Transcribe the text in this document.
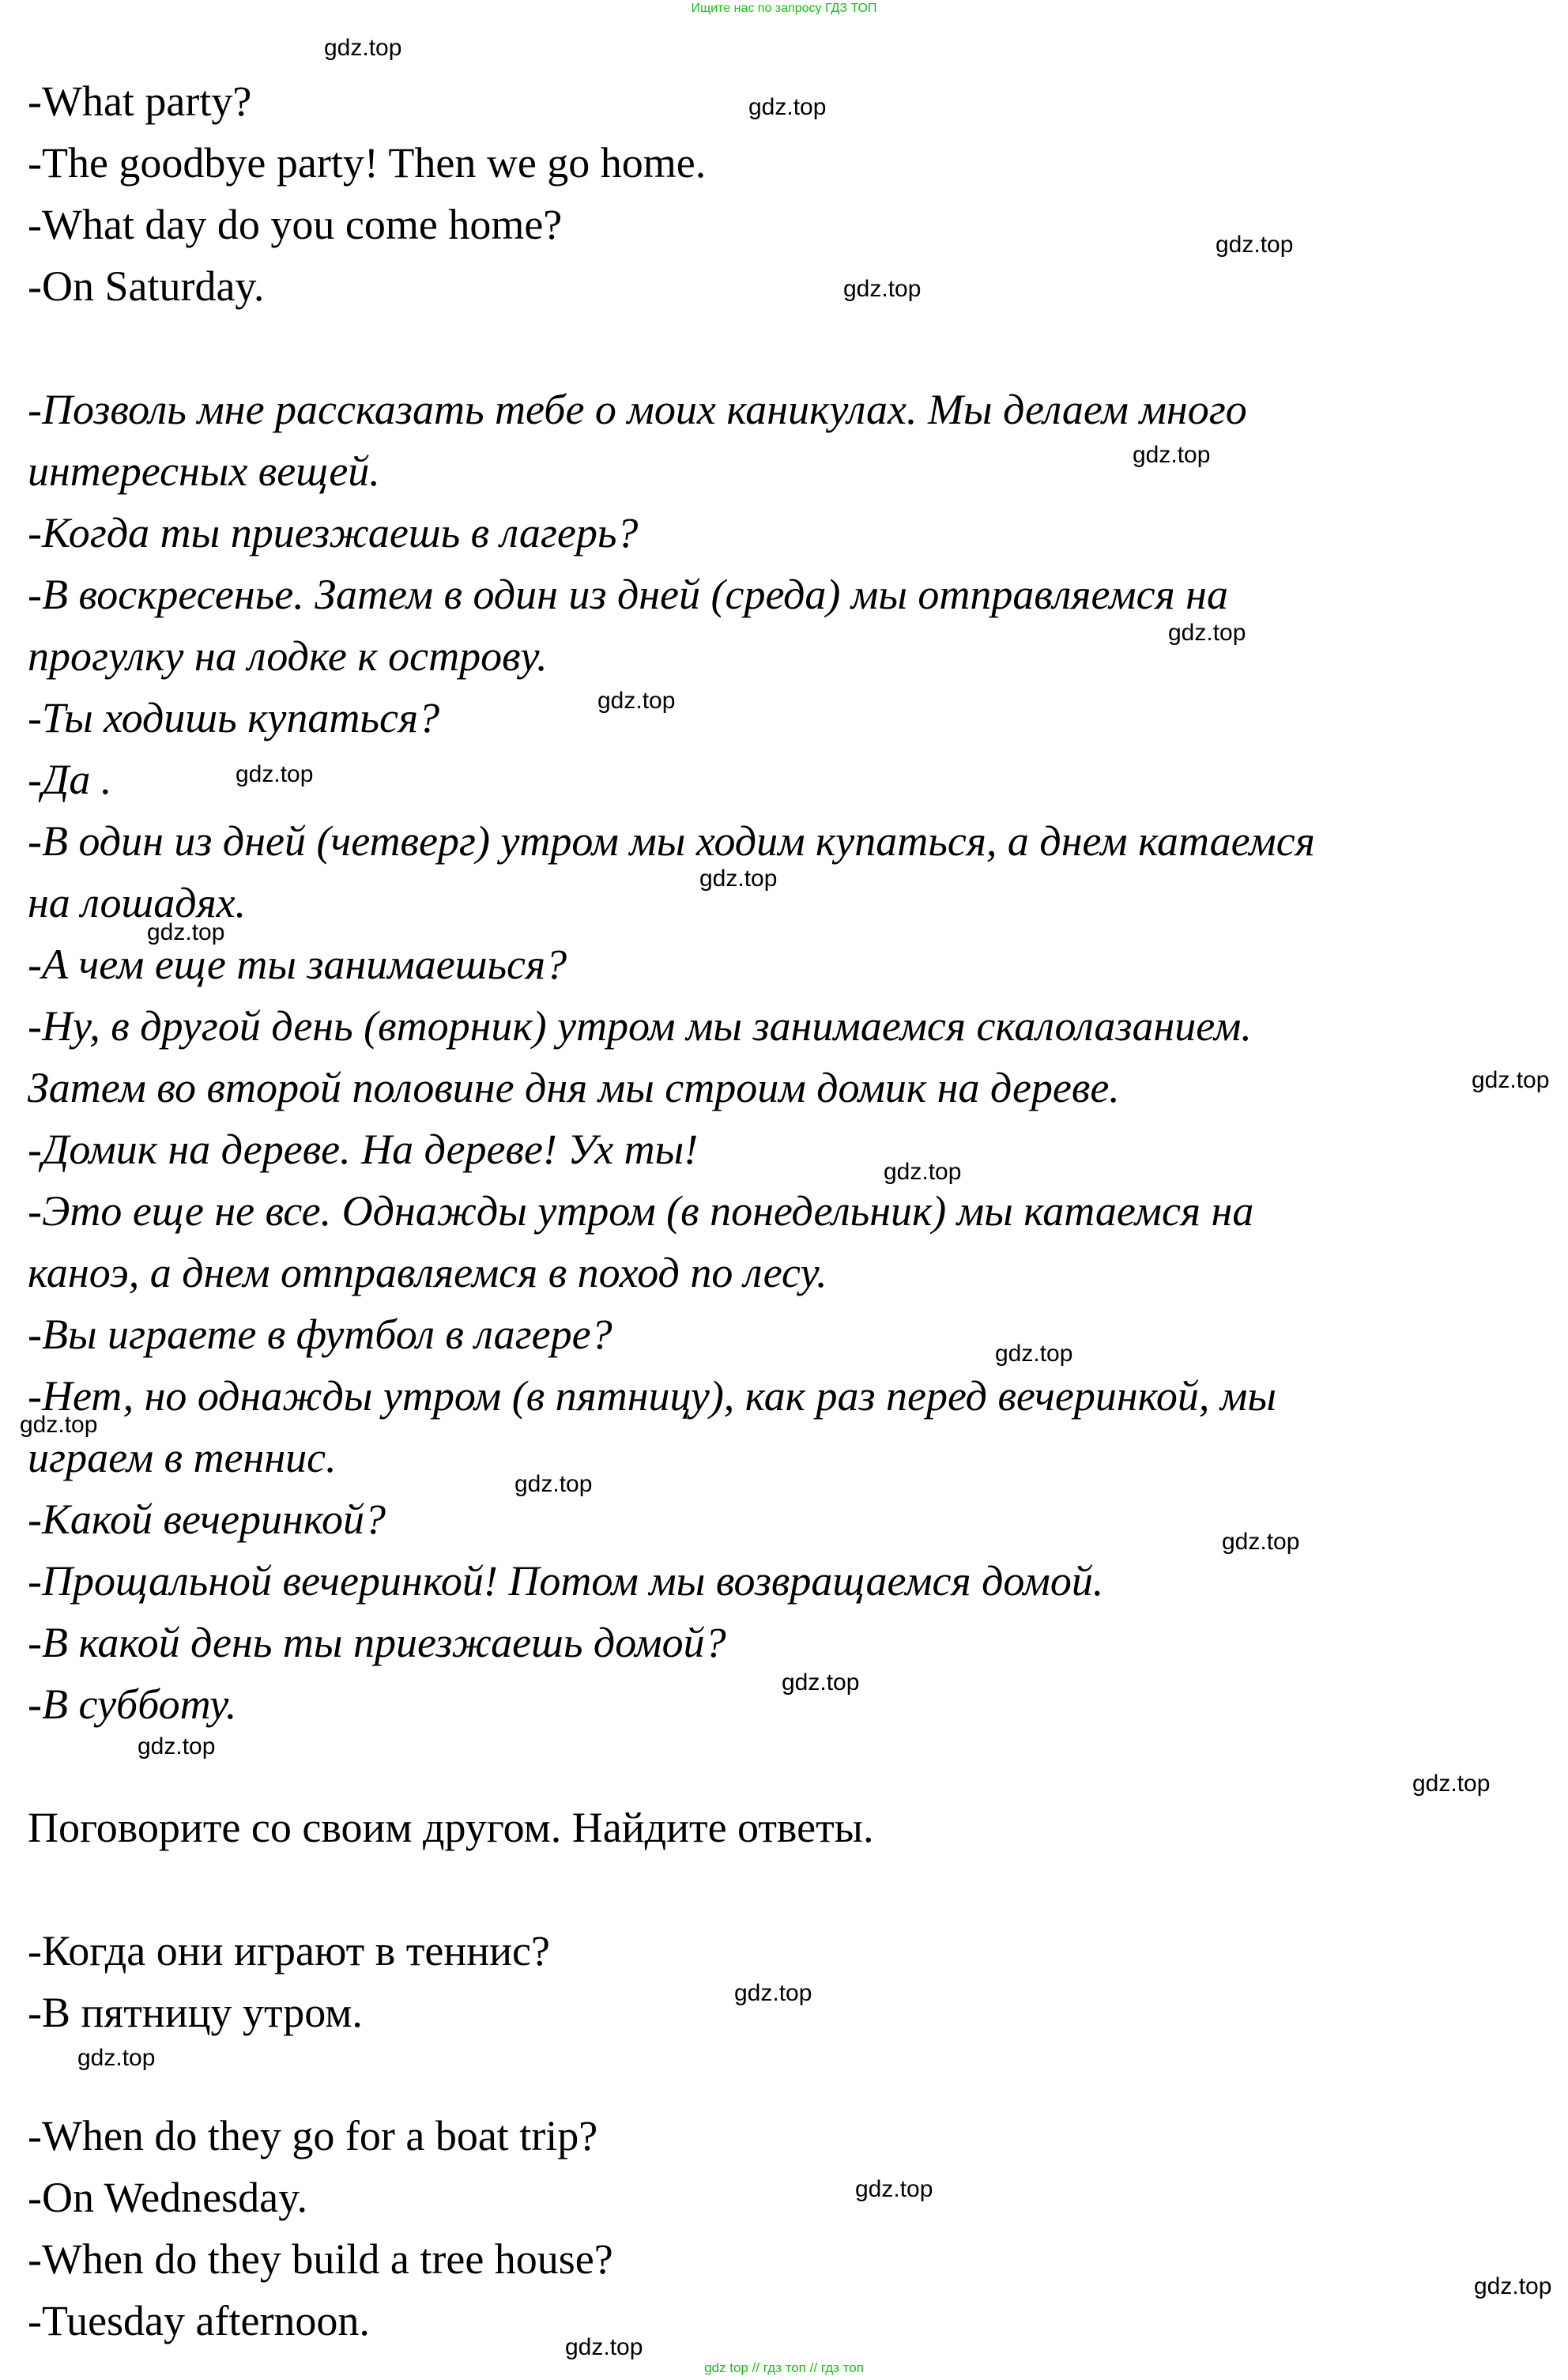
Ищите нас по запросу ГДЗ ТОП
-What party?
-The goodbye party! Then we go home.
-What day do you come home?
-On Saturday.
-Позволь мне рассказать тебе о моих каникулах. Мы делаем много
интересных вещей.
-Когда ты приезжаешь в лагерь?
-В воскресенье. Затем в один из дней (среда) мы отправляемся на
прогулку на лодке к острову.
-Ты ходишь купаться?
-Да .
-В один из дней (четверг) утром мы ходим купаться, а днем катаемся
на лошадях.
-А чем еще ты занимаешься?
-Ну, в другой день (вторник) утром мы занимаемся скалолазанием.
Затем во второй половине дня мы строим домик на дереве.
-Домик на дереве. На дереве! Ух ты!
-Это еще не все. Однажды утром (в понедельник) мы катаемся на
каноэ, а днем отправляемся в поход по лесу.
-Вы играете в футбол в лагере?
-Нет, но однажды утром (в пятницу), как раз перед вечеринкой, мы
играем в теннис.
-Какой вечеринкой?
-Прощальной вечеринкой! Потом мы возвращаемся домой.
-В какой день ты приезжаешь домой?
-В субботу.
Поговорите со своим другом. Найдите ответы.
-Когда они играют в теннис?
-В пятницу утром.
-When do they go for a boat trip?
-On Wednesday.
-When do they build a tree house?
-Tuesday afternoon.
gdz.top
gdz.top
gdz.top
gdz.top
gdz.top
gdz.top
gdz.top
gdz.top
gdz.top
gdz.top
gdz.top
gdz.top
gdz.top
gdz.top
gdz.top
gdz.top
gdz.top
gdz.top
gdz.top
gdz.top
gdz.top
gdz.top
gdz.top
gdz.top
gdz top // гдз топ // гдз топ
